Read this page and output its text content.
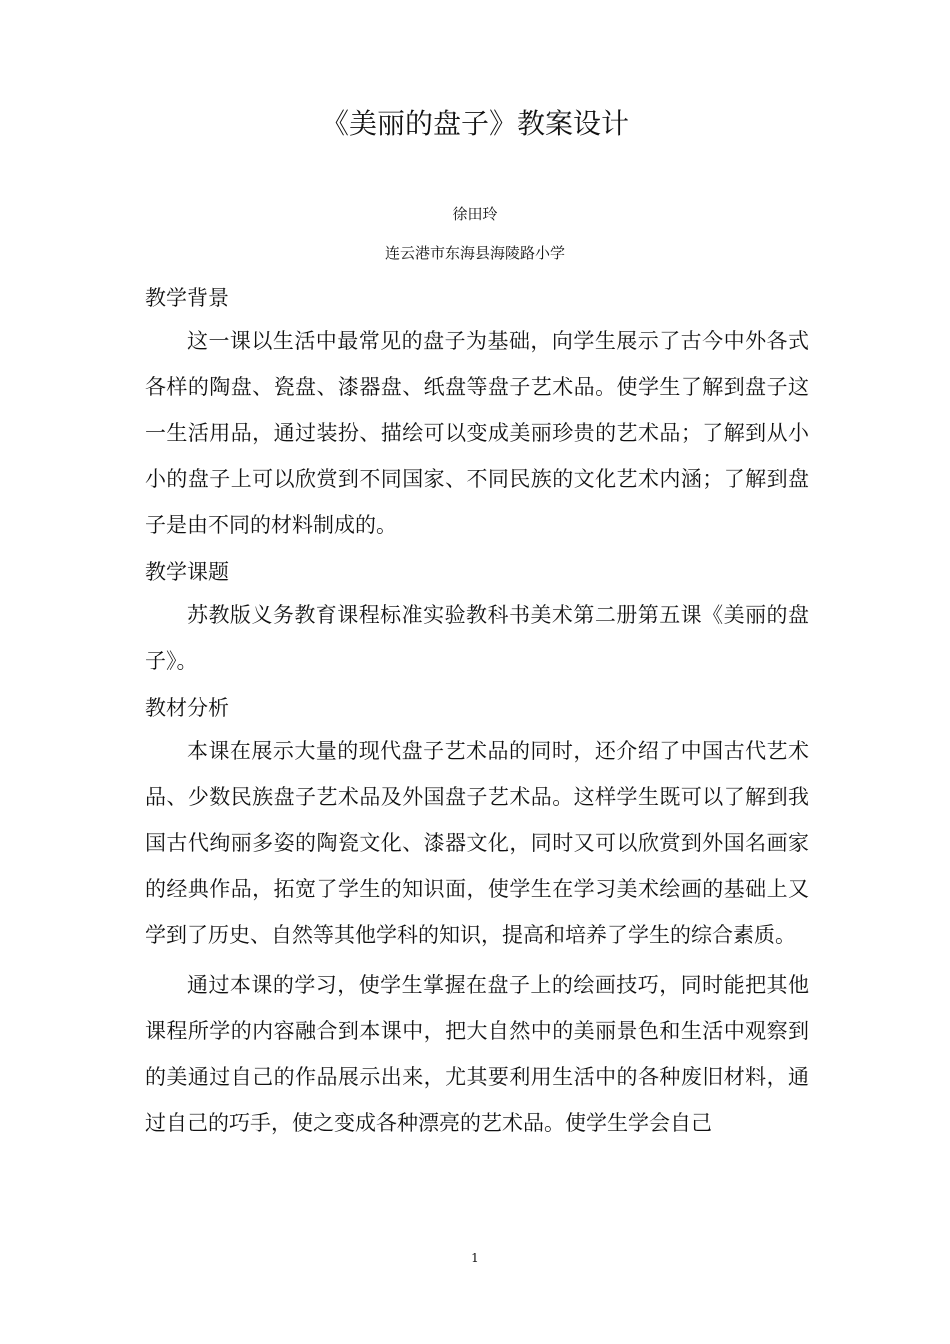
《美丽的盘子》教案设计
徐田玲
连云港市东海县海陵路小学
教学背景

这一课以生活中最常见的盘子为基础，向学生展示了古今中外各式各样的陶盘、瓷盘、漆器盘、纸盘等盘子艺术品。使学生了解到盘子这一生活用品，通过装扮、描绘可以变成美丽珍贵的艺术品；了解到从小小的盘子上可以欣赏到不同国家、不同民族的文化艺术内涵；了解到盘子是由不同的材料制成的。

教学课题

苏教版义务教育课程标准实验教科书美术第二册第五课《美丽的盘子》。

教材分析

本课在展示大量的现代盘子艺术品的同时，还介绍了中国古代艺术品、少数民族盘子艺术品及外国盘子艺术品。这样学生既可以了解到我国古代绚丽多姿的陶瓷文化、漆器文化，同时又可以欣赏到外国名画家的经典作品，拓宽了学生的知识面，使学生在学习美术绘画的基础上又学到了历史、自然等其他学科的知识，提高和培养了学生的综合素质。

通过本课的学习，使学生掌握在盘子上的绘画技巧，同时能把其他课程所学的内容融合到本课中，把大自然中的美丽景色和生活中观察到的美通过自己的作品展示出来，尤其要利用生活中的各种废旧材料，通过自己的巧手，使之变成各种漂亮的艺术品。使学生学会自己

1
